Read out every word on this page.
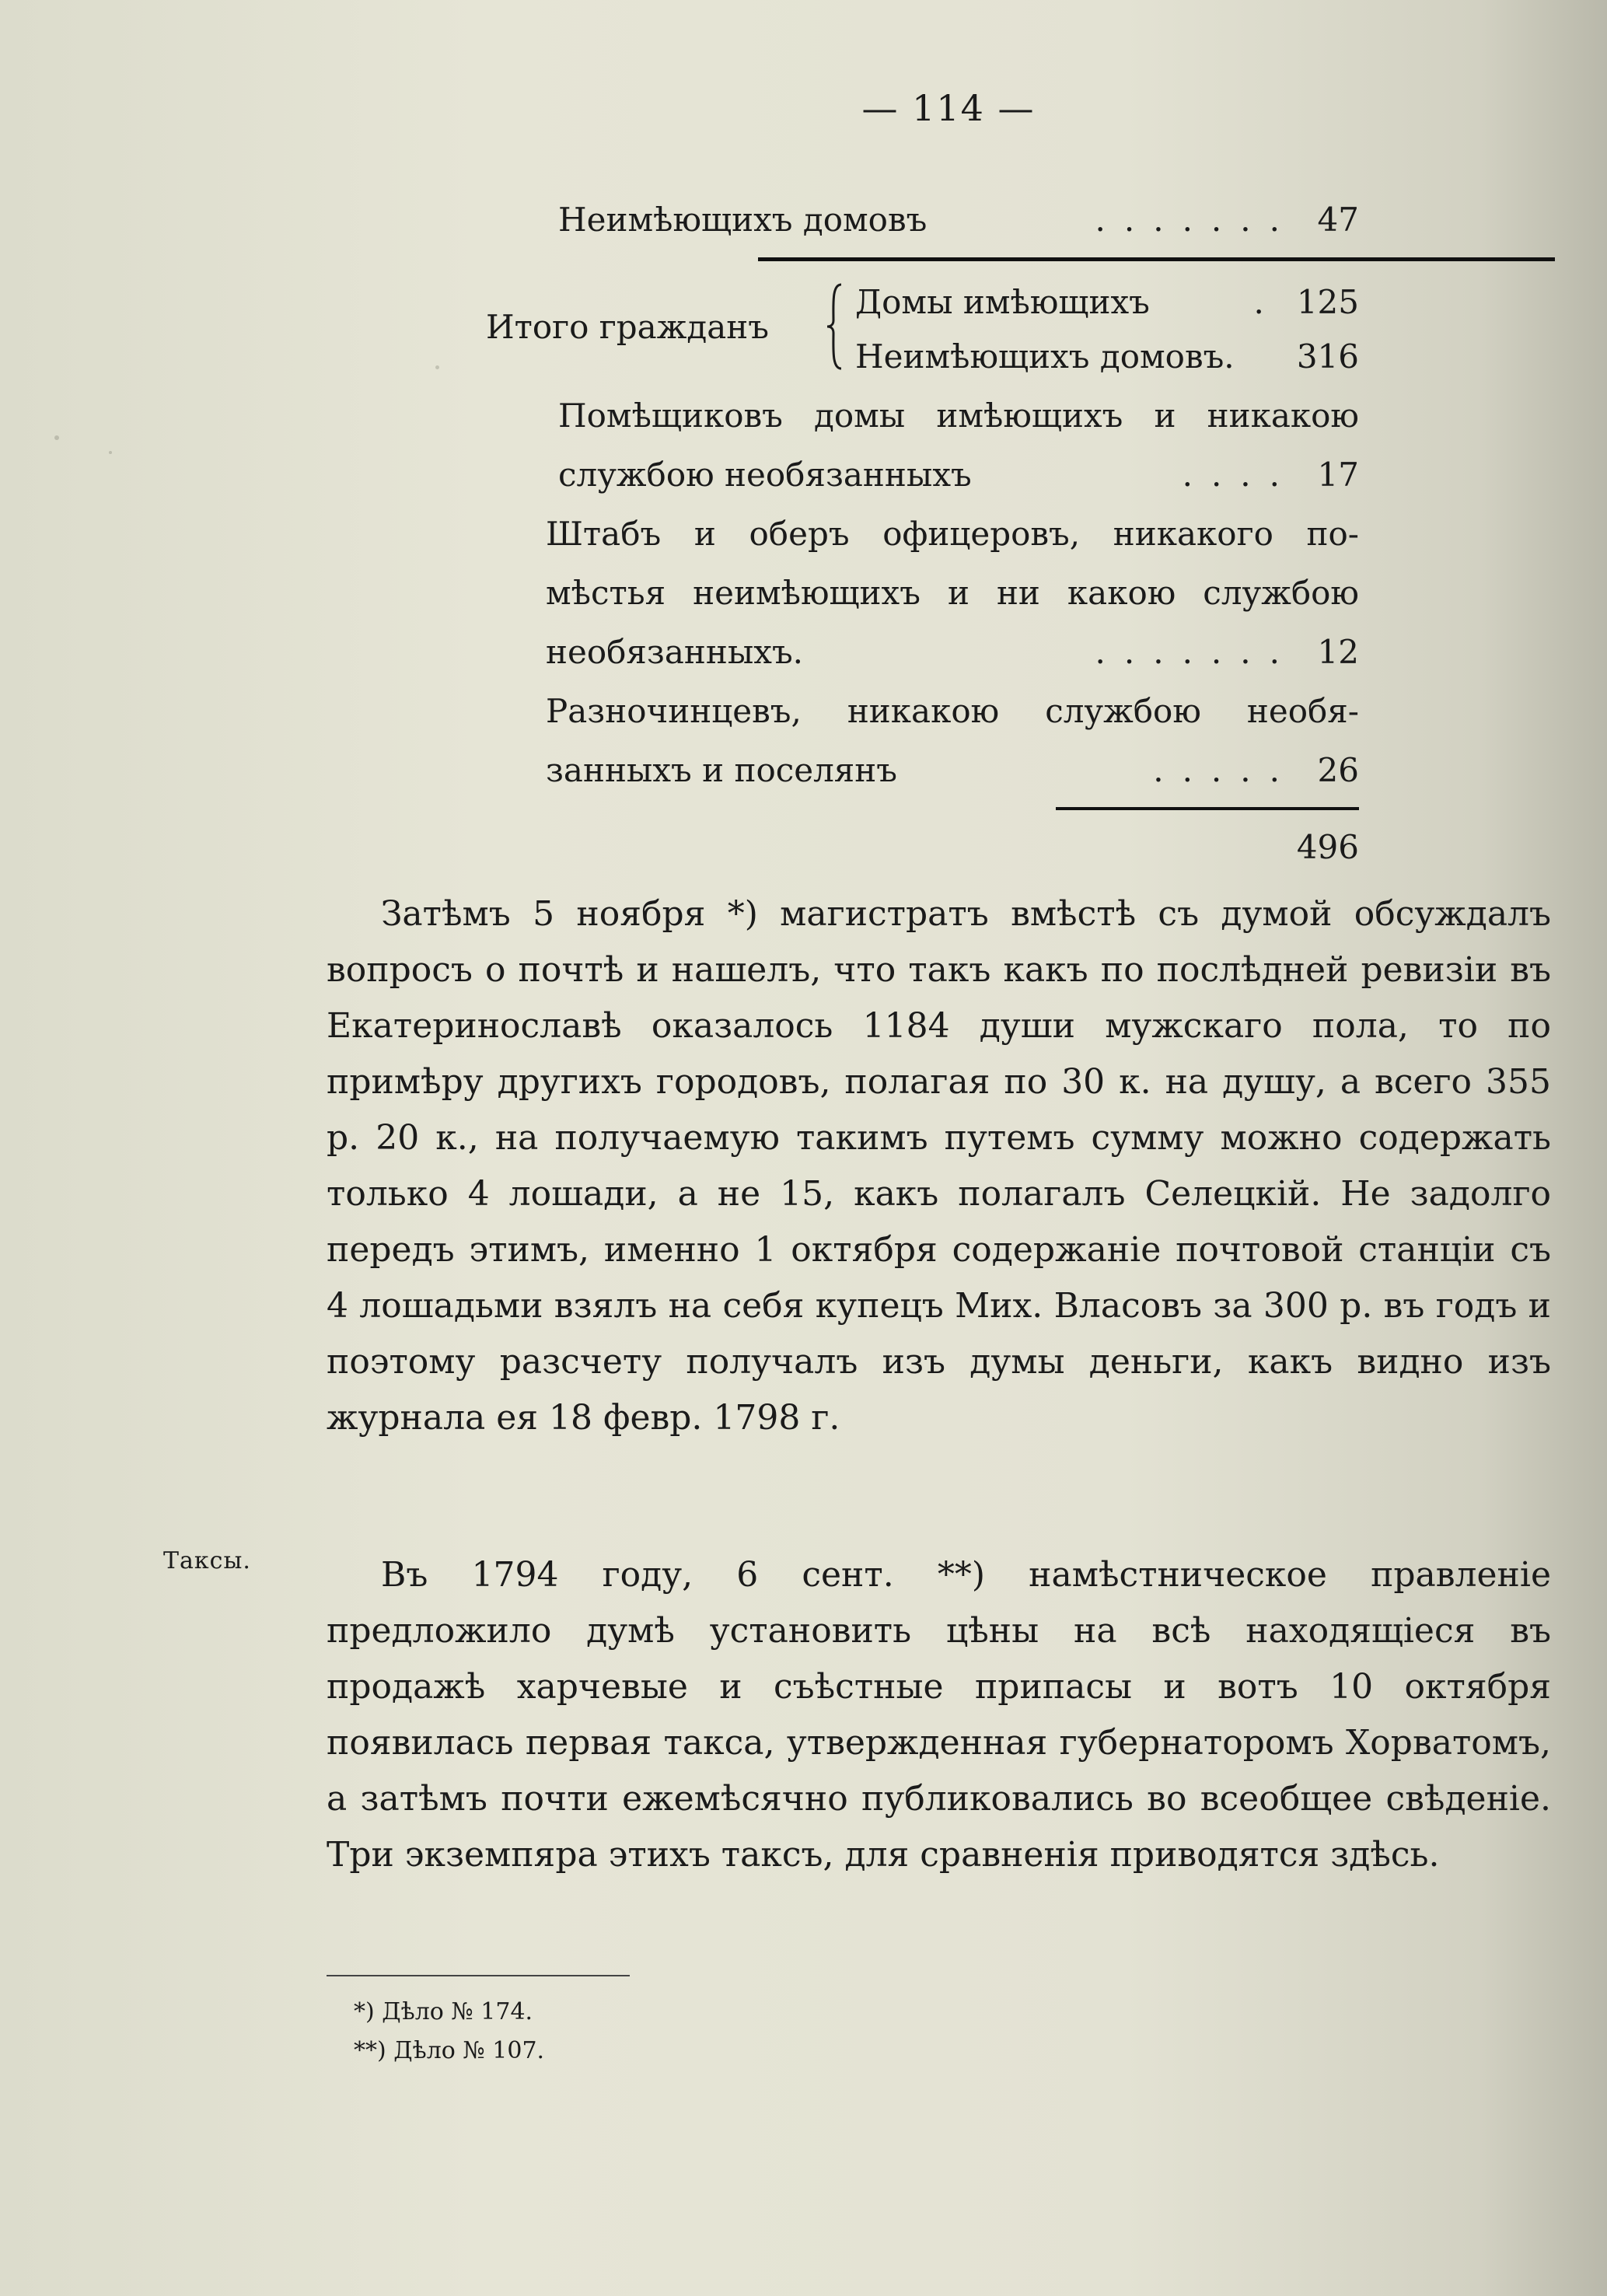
— 114 —
Неимѣющихъ домовъ	....... 47
Итого гражданъ
Домы имѣющихъ	. 125
Неимѣющихъ домовъ. 316
Помѣщиковъ домы имѣющихъ и никакою
службою необязанныхъ	.... 17
Штабъ и оберъ офицеровъ, никакого по-
мѣстья неимѣющихъ и ни какою службою
необязанныхъ.	....... 12
Разночинцевъ, никакою службою необя-
занныхъ и поселянъ	..... 26
496
Затѣмъ 5 ноября *) магистратъ вмѣстѣ съ думой обсуждалъ вопросъ о почтѣ и нашелъ, что такъ какъ по послѣдней ревизіи въ Екатеринославѣ оказалось 1184 души мужскаго пола, то по примѣру другихъ городовъ, полагая по 30 к. на душу, а всего 355 р. 20 к., на получаемую такимъ путемъ сумму можно содержать только 4 лошади, а не 15, какъ полагалъ Селецкій. Не задолго передъ этимъ, именно 1 октября содержаніе почтовой станціи съ 4 лошадьми взялъ на себя купецъ Мих. Власовъ за 300 р. въ годъ и поэтому разсчету получалъ изъ думы деньги, какъ видно изъ журнала ея 18 февр. 1798 г.
Таксы.	Въ 1794 году, 6 сент. **) намѣстническое правленіе предложило думѣ установить цѣны на всѣ находящіеся въ продажѣ харчевые и съѣстные припасы и вотъ 10 октября появилась первая такса, утвержденная губернаторомъ Хорватомъ, а затѣмъ почти ежемѣсячно публиковались во всеобщее свѣденіе. Три экземпяра этихъ таксъ, для сравненія приводятся здѣсь.
*) Дѣло № 174.
**) Дѣло № 107.
